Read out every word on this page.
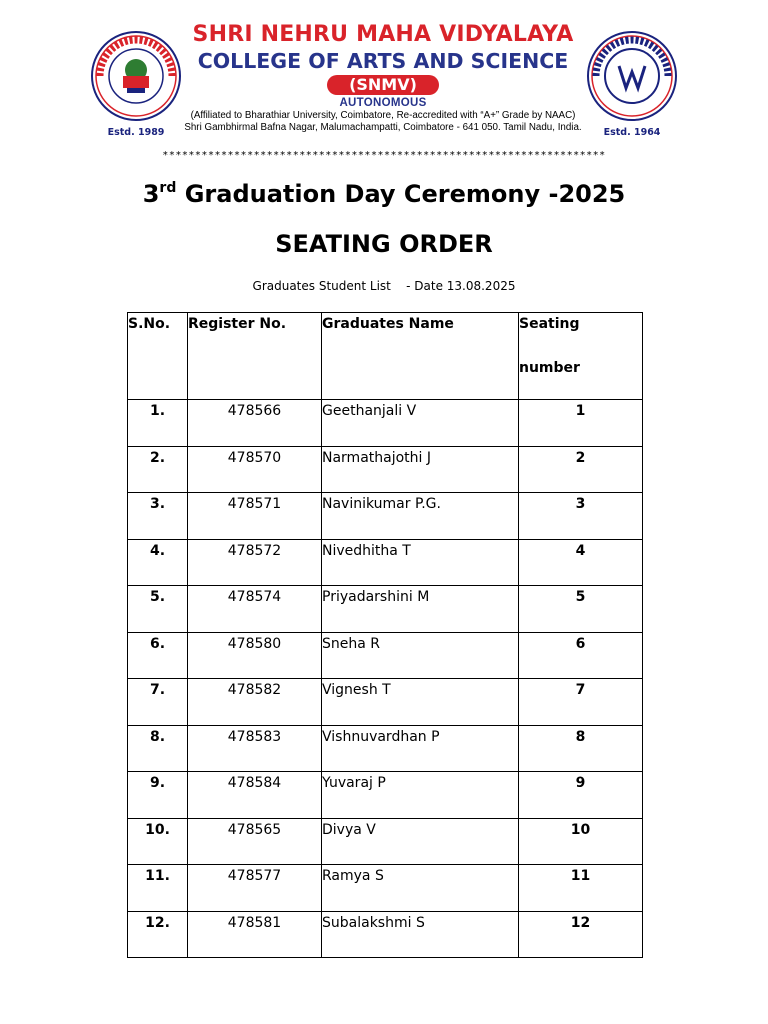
Estd. 1989
SHRI NEHRU MAHA VIDYALAYA
COLLEGE OF ARTS AND SCIENCE
(SNMV)
AUTONOMOUS
(Affiliated to Bharathiar University, Coimbatore, Re-accredited with “A+” Grade by NAAC)
Shri Gambhirmal Bafna Nagar, Malumachampatti, Coimbatore - 641 050. Tamil Nadu, India.	Estd. 1964
********************************************************************
3rd Graduation Day Ceremony -2025
SEATING ORDER
Graduates Student List    - Date 13.08.2025
S.No.	Register No.	Graduates Name	Seating
number

1.	478566	Geethanjali V	1
2.	478570	Narmathajothi J	2
3.	478571	Navinikumar P.G.	3
4.	478572	Nivedhitha T	4
5.	478574	Priyadarshini M	5
6.	478580	Sneha R	6
7.	478582	Vignesh T	7
8.	478583	Vishnuvardhan P	8
9.	478584	Yuvaraj P	9
10.	478565	Divya V	10
11.	478577	Ramya S	11
12.	478581	Subalakshmi S	12
